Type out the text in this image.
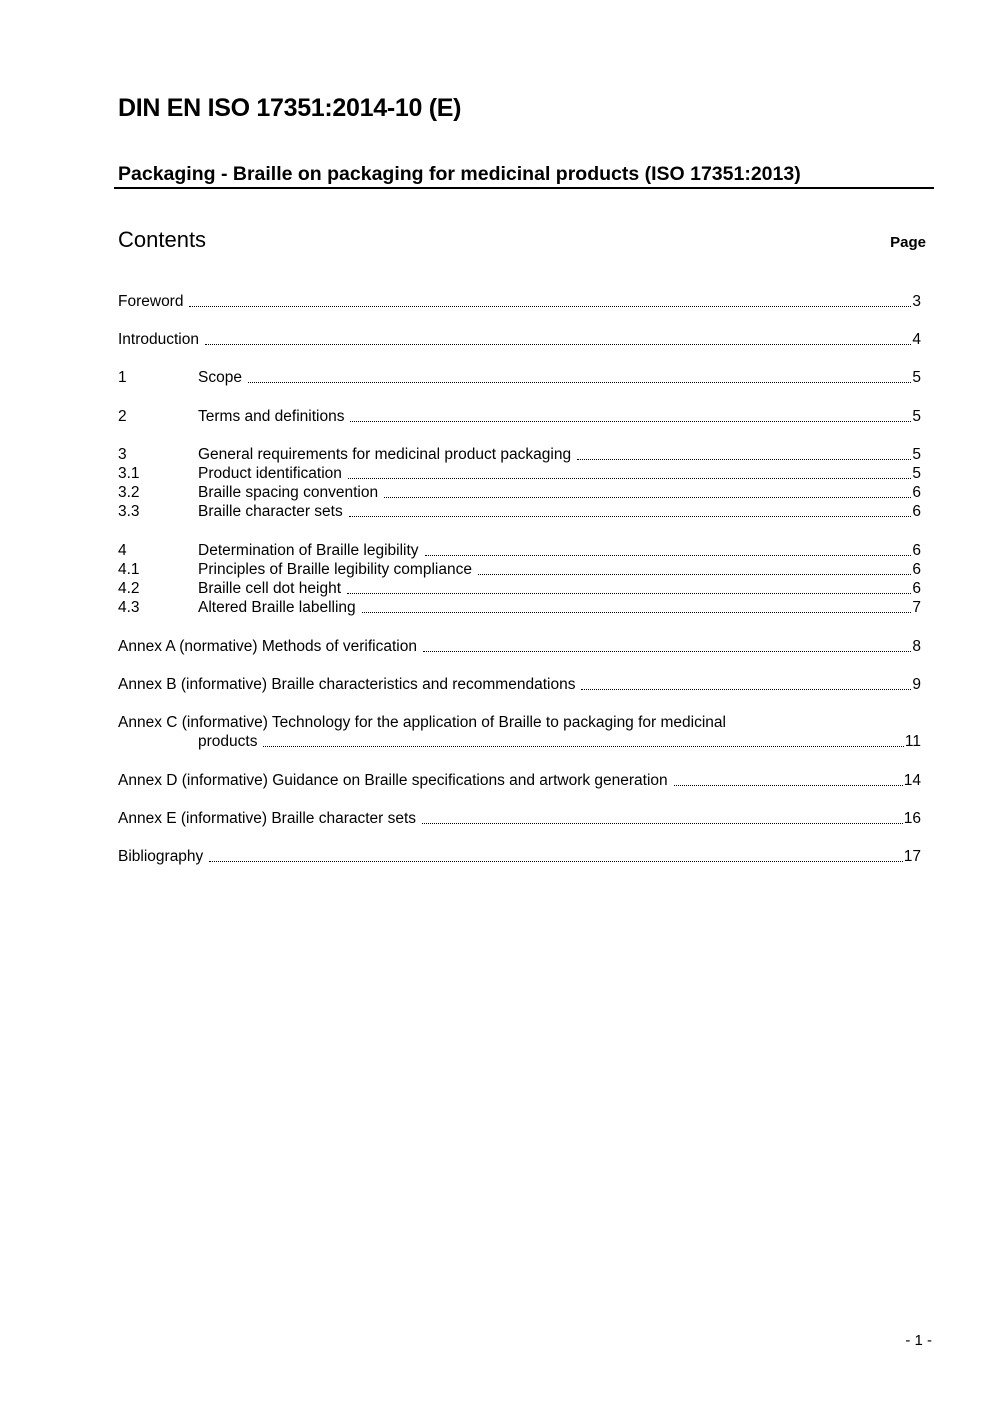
DIN EN ISO 17351:2014-10 (E)
Packaging - Braille on packaging for medicinal products (ISO 17351:2013)
Contents	Page
Foreword	3
Introduction	4
1	Scope	5
2	Terms and definitions	5
3	General requirements for medicinal product packaging	5
3.1	Product identification	5
3.2	Braille spacing convention	6
3.3	Braille character sets	6
4	Determination of Braille legibility	6
4.1	Principles of Braille legibility compliance	6
4.2	Braille cell dot height	6
4.3	Altered Braille labelling	7
Annex A (normative) Methods of verification	8
Annex B (informative) Braille characteristics and recommendations	9
Annex C (informative) Technology for the application of Braille to packaging for medicinal
products	11
Annex D (informative) Guidance on Braille specifications and artwork generation	14
Annex E (informative) Braille character sets	16
Bibliography	17
- 1 -
